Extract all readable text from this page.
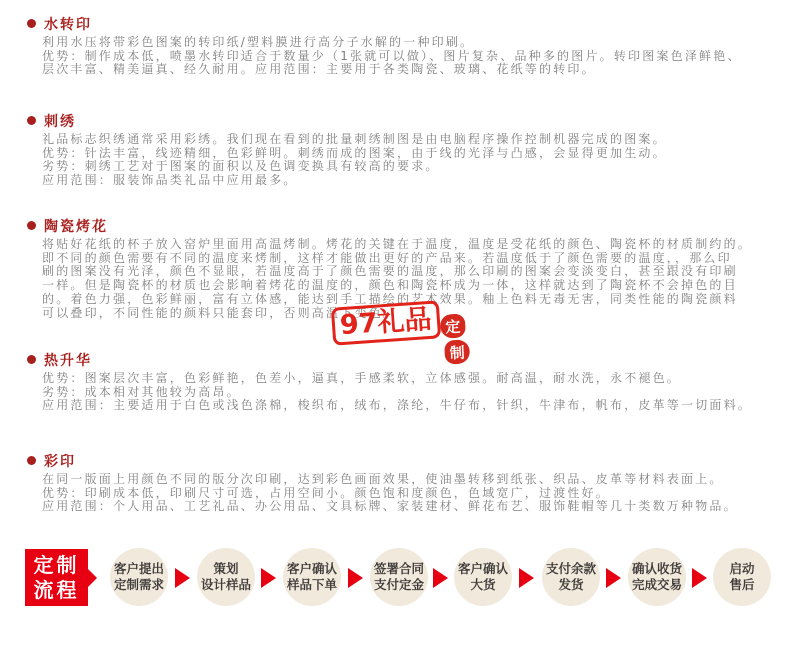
水转印
利用水压将带彩色图案的转印纸/塑料膜进行高分子水解的一种印刷。
优势：制作成本低，喷墨水转印适合于数量少（1张就可以做）、图片复杂、品种多的图片。转印图案色泽鲜艳、
层次丰富、精美逼真、经久耐用。应用范围：主要用于各类陶瓷、玻璃、花纸等的转印。
刺绣
礼品标志织绣通常采用彩绣。我们现在看到的批量刺绣制图是由电脑程序操作控制机器完成的图案。
优势：针法丰富，线迹精细，色彩鲜明。刺绣而成的图案，由于线的光泽与凸感，会显得更加生动。
劣势：刺绣工艺对于图案的面积以及色调变换具有较高的要求。
应用范围：服装饰品类礼品中应用最多。
陶瓷烤花
将贴好花纸的杯子放入窑炉里面用高温烤制。烤花的关键在于温度，温度是受花纸的颜色、陶瓷杯的材质制约的。
即不同的颜色需要有不同的温度来烤制，这样才能做出更好的产品来。若温度低于了颜色需要的温度，，那么印
刷的图案没有光泽，颜色不显眼，若温度高于了颜色需要的温度，那么印刷的图案会变淡变白，甚至跟没有印刷
一样。但是陶瓷杯的材质也会影响着烤花的温度的，颜色和陶瓷杯成为一体，这样就达到了陶瓷杯不会掉色的目
的。着色力强，色彩鲜丽，富有立体感，能达到手工描绘的艺术效果。釉上色料无毒无害，同类性能的陶瓷颜料
可以叠印，不同性能的颜料只能套印，否则高温下变色。
热升华
优势：图案层次丰富，色彩鲜艳，色差小，逼真，手感柔软，立体感强。耐高温，耐水洗，永不褪色。
劣势：成本相对其他较为高昂。
应用范围：主要适用于白色或浅色涤棉，梭织布，绒布，涤纶，牛仔布，针织，牛津布，帆布，皮革等一切面料。
彩印
在同一版面上用颜色不同的版分次印刷，达到彩色画面效果，使油墨转移到纸张、织品、皮革等材料表面上。
优势：印刷成本低，印刷尺寸可选，占用空间小。颜色饱和度颜色，色域宽广，过渡性好。
应用范围：个人用品、工艺礼品、办公用品、文具标牌、家装建材、鲜花布艺、服饰鞋帽等几十类数万种物品。
97礼品 定
制
定制
流程
客户提出
定制需求
策划
设计样品
客户确认
样品下单
签署合同
支付定金
客户确认
大货
支付余款
发货
确认收货
完成交易
启动
售后
